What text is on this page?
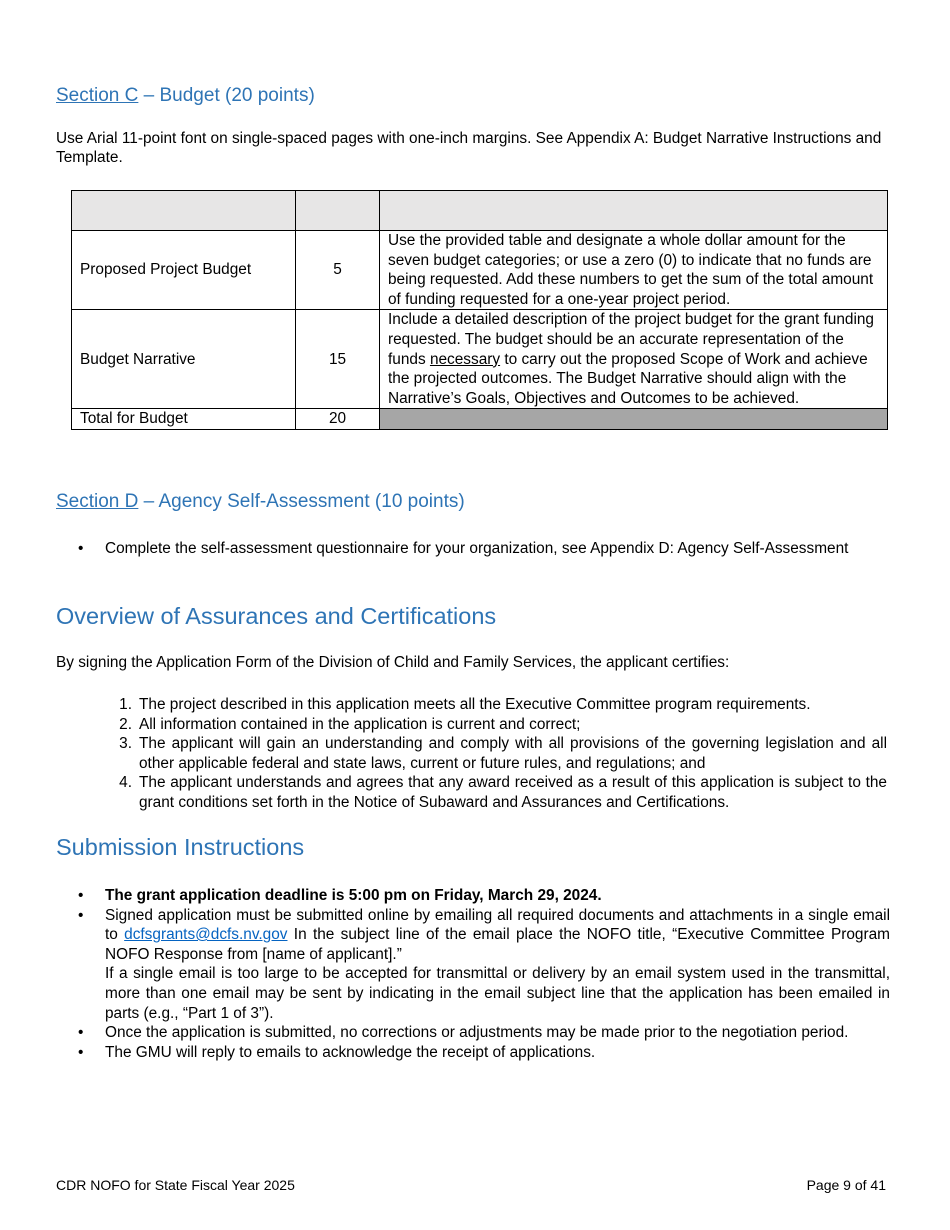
Section C – Budget (20 points)
Use Arial 11-point font on single-spaced pages with one-inch margins. See Appendix A: Budget Narrative Instructions and Template.

Proposed Project Budget	5	Use the provided table and designate a whole dollar amount for the seven budget categories; or use a zero (0) to indicate that no funds are being requested. Add these numbers to get the sum of the total amount of funding requested for a one-year project period.
Budget Narrative	15	Include a detailed description of the project budget for the grant funding requested. The budget should be an accurate representation of the funds necessary to carry out the proposed Scope of Work and achieve the projected outcomes. The Budget Narrative should align with the Narrative’s Goals, Objectives and Outcomes to be achieved.
Total for Budget	20	
Section D – Agency Self-Assessment (10 points)
• Complete the self-assessment questionnaire for your organization, see Appendix D: Agency Self-Assessment
Overview of Assurances and Certifications
By signing the Application Form of the Division of Child and Family Services, the applicant certifies:
1. The project described in this application meets all the Executive Committee program requirements.
2. All information contained in the application is current and correct;
3. The applicant will gain an understanding and comply with all provisions of the governing legislation and all other applicable federal and state laws, current or future rules, and regulations; and
4. The applicant understands and agrees that any award received as a result of this application is subject to the grant conditions set forth in the Notice of Subaward and Assurances and Certifications.
Submission Instructions
• The grant application deadline is 5:00 pm on Friday, March 29, 2024.
• Signed application must be submitted online by emailing all required documents and attachments in a single email to dcfsgrants@dcfs.nv.gov In the subject line of the email place the NOFO title, “Executive Committee Program NOFO Response from [name of applicant].”
If a single email is too large to be accepted for transmittal or delivery by an email system used in the transmittal, more than one email may be sent by indicating in the email subject line that the application has been emailed in parts (e.g., “Part 1 of 3”).
• Once the application is submitted, no corrections or adjustments may be made prior to the negotiation period.
• The GMU will reply to emails to acknowledge the receipt of applications.
CDR NOFO for State Fiscal Year 2025	Page 9 of 41
